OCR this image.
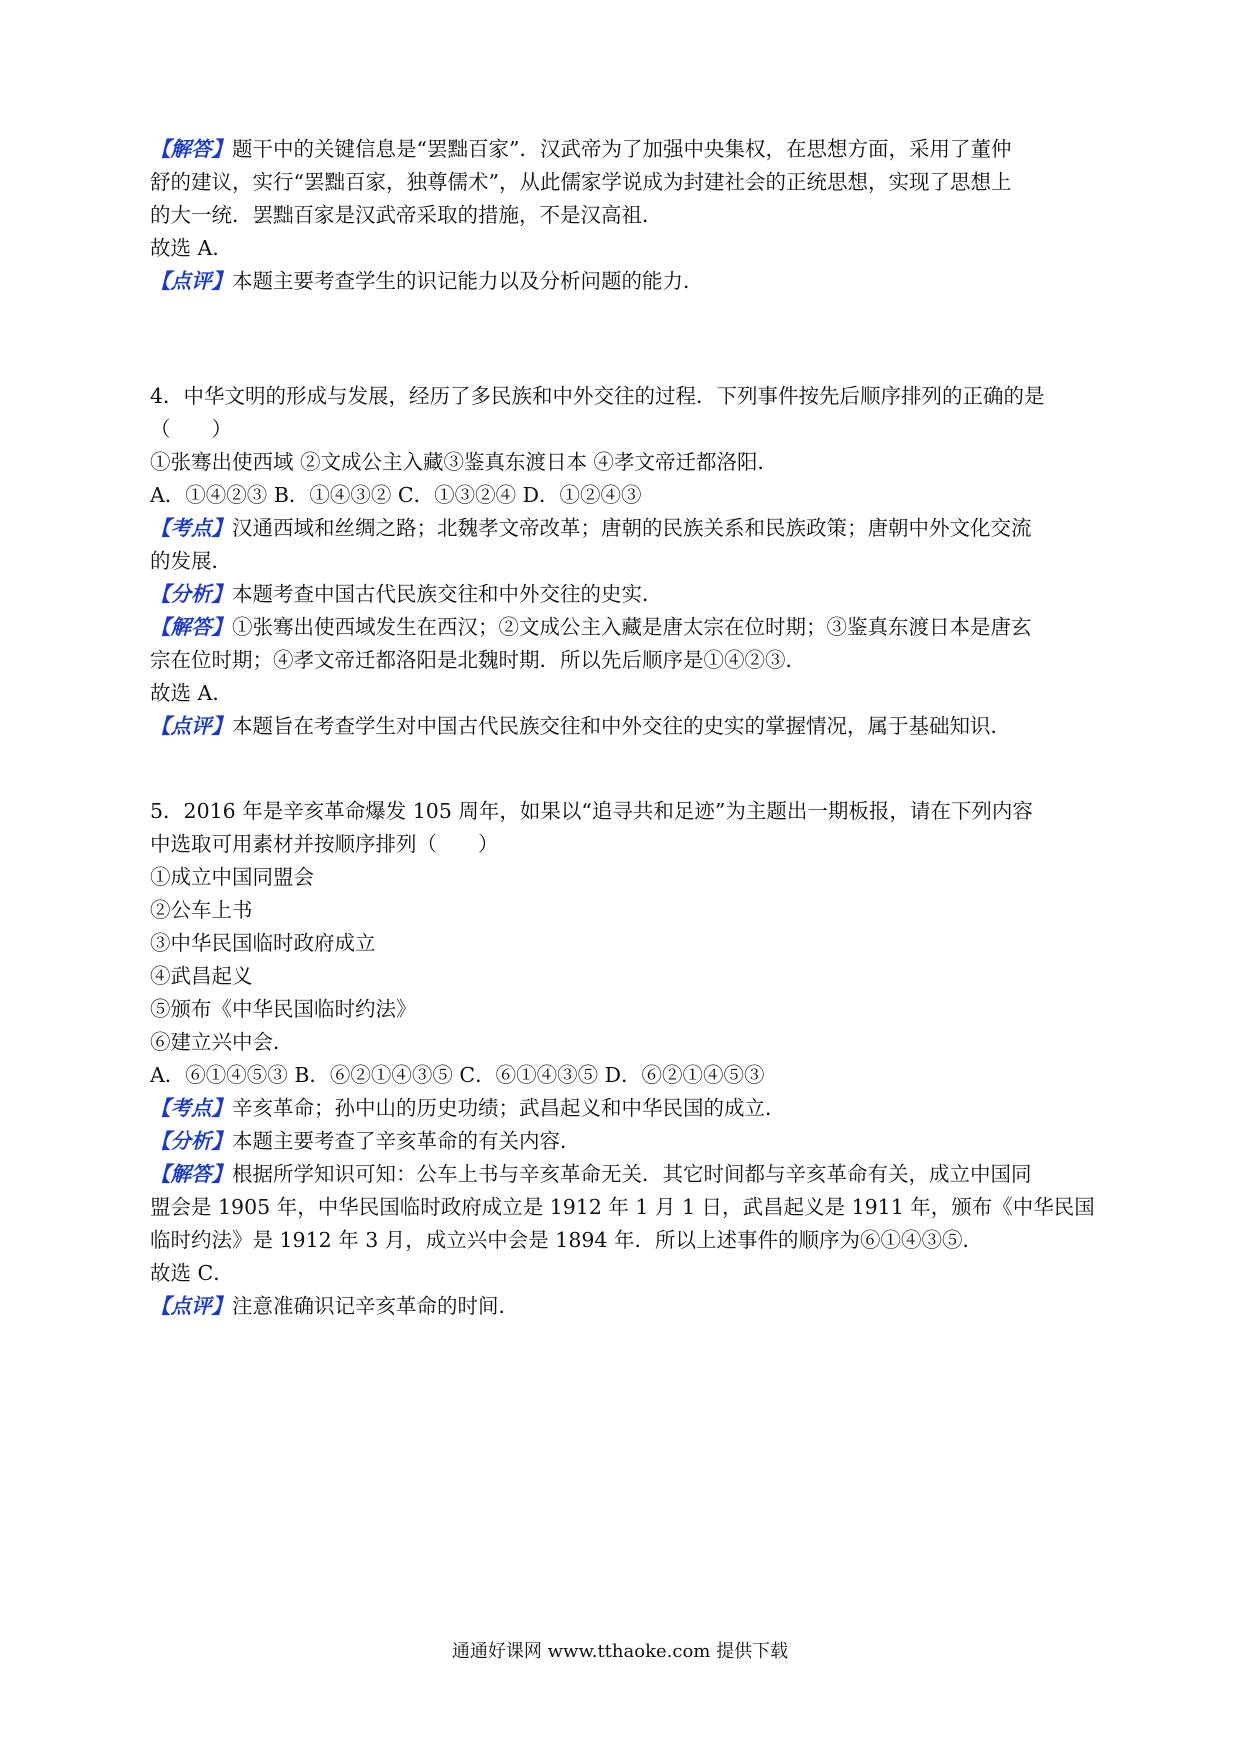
【解答】题干中的关键信息是“罢黜百家”．汉武帝为了加强中央集权，在思想方面，采用了董仲
舒的建议，实行“罢黜百家，独尊儒术”，从此儒家学说成为封建社会的正统思想，实现了思想上
的大一统．罢黜百家是汉武帝采取的措施，不是汉高祖．
故选 A．
【点评】本题主要考查学生的识记能力以及分析问题的能力．
4．中华文明的形成与发展，经历了多民族和中外交往的过程．下列事件按先后顺序排列的正确的是
（　　）
①张骞出使西域 ②文成公主入藏③鉴真东渡日本 ④孝文帝迁都洛阳．
A．①④②③ B．①④③② C．①③②④ D．①②④③
【考点】汉通西域和丝绸之路；北魏孝文帝改革；唐朝的民族关系和民族政策；唐朝中外文化交流
的发展．
【分析】本题考查中国古代民族交往和中外交往的史实．
【解答】①张骞出使西域发生在西汉；②文成公主入藏是唐太宗在位时期；③鉴真东渡日本是唐玄
宗在位时期；④孝文帝迁都洛阳是北魏时期．所以先后顺序是①④②③．
故选 A．
【点评】本题旨在考查学生对中国古代民族交往和中外交往的史实的掌握情况，属于基础知识．
5．2016 年是辛亥革命爆发 105 周年，如果以“追寻共和足迹”为主题出一期板报，请在下列内容
中选取可用素材并按顺序排列（　　）
①成立中国同盟会
②公车上书
③中华民国临时政府成立
④武昌起义
⑤颁布《中华民国临时约法》
⑥建立兴中会．
A．⑥①④⑤③ B．⑥②①④③⑤ C．⑥①④③⑤ D．⑥②①④⑤③
【考点】辛亥革命；孙中山的历史功绩；武昌起义和中华民国的成立．
【分析】本题主要考查了辛亥革命的有关内容．
【解答】根据所学知识可知：公车上书与辛亥革命无关．其它时间都与辛亥革命有关，成立中国同
盟会是 1905 年，中华民国临时政府成立是 1912 年 1 月 1 日，武昌起义是 1911 年，颁布《中华民国
临时约法》是 1912 年 3 月，成立兴中会是 1894 年．所以上述事件的顺序为⑥①④③⑤．
故选 C．
【点评】注意准确识记辛亥革命的时间．
通通好课网 www.tthaoke.com 提供下载
